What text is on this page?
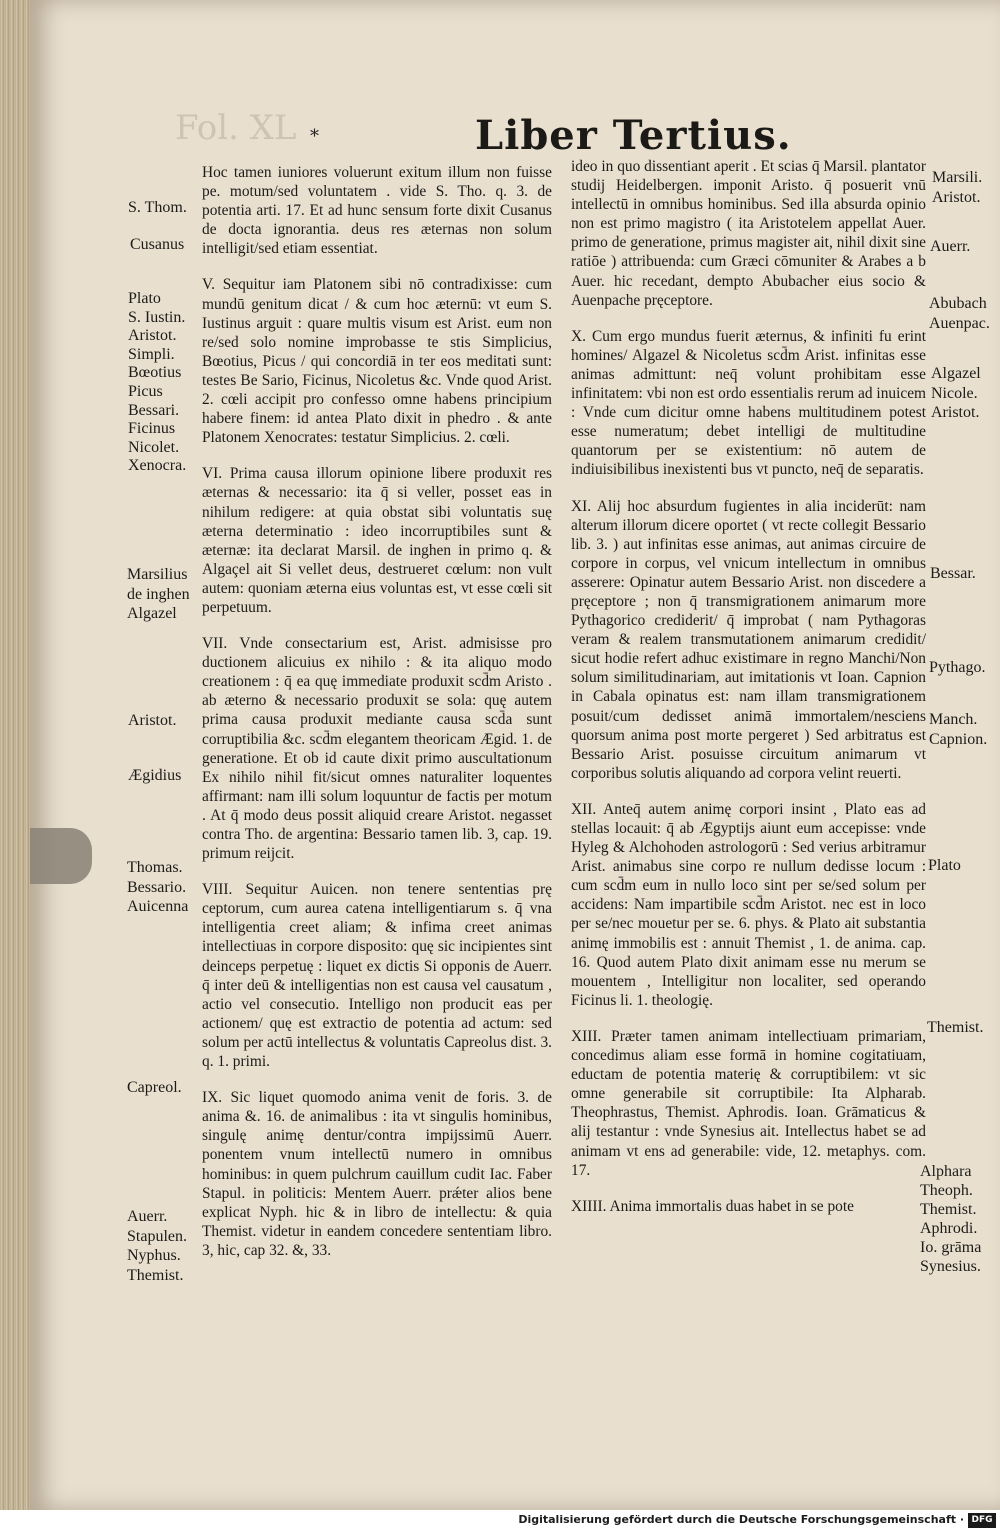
Fol. XL *	Liber Tertius.

Hoc tamen iuniores voluerunt exitum illum non fuisse pe. motum/sed voluntatem . vide S. Tho. q. 3. de potentia arti. 17. Et ad hunc sensum forte dixit Cusanus de docta ignorantia. deus res æternas non solum intelligit/sed etiam essentiat.

V. Sequitur iam Platonem sibi nō contradixisse: cum mundū genitum dicat / & cum hoc æternū: vt eum S. Iustinus arguit : quare multis visum est Arist. eum non re/sed solo nomine improbasse te stis Simplicius, Bœotius, Picus / qui concordiā in ter eos meditati sunt: testes Be Sario, Ficinus, Nicoletus &c. Vnde quod Arist. 2. cœli accipit pro confesso omne habens principium habere finem: id antea Plato dixit in phedro . & ante Platonem Xenocrates: testatur Simplicius. 2. cœli.

VI. Prima causa illorum opinione libere produxit res æternas & necessario: ita q̄ si veller, posset eas in nihilum redigere: at quia obstat sibi voluntatis suę æterna determinatio : ideo incorruptibiles sunt & æternæ: ita declarat Marsil. de inghen in primo q. & Algaçel ait Si vellet deus, destrueret cœlum: non vult autem: quoniam æterna eius voluntas est, vt esse cœli sit perpetuum.

VII. Vnde consectarium est, Arist. admisisse pro ductionem alicuius ex nihilo : & ita aliquo modo creationem : q̄ ea quę immediate produxit scd̄m Aristo . ab æterno & necessario produxit se sola: quę autem prima causa produxit mediante causa scd̄a sunt corruptibilia &c. scd̄m elegantem theoricam Ægid. 1. de generatione. Et ob id caute dixit primo auscultationum Ex nihilo nihil fit/sicut omnes naturaliter loquentes affirmant: nam illi solum loquuntur de factis per motum . At q̄ modo deus possit aliquid creare Aristot. negasset contra Tho. de argentina: Bessario tamen lib. 3, cap. 19. primum reijcit.

VIII. Sequitur Auicen. non tenere sententias prę ceptorum, cum aurea catena intelligentiarum s. q̄ vna intelligentia creet aliam; & infima creet animas intellectiuas in corpore disposito: quę sic incipientes sint deinceps perpetuę : liquet ex dictis Si opponis de Auerr. q̄ inter deū & intelligentias non est causa vel causatum , actio vel consecutio. Intelligo non producit eas per actionem/ quę est extractio de potentia ad actum: sed solum per actū intellectus & voluntatis Capreolus dist. 3. q. 1. primi.

IX. Sic liquet quomodo anima venit de foris. 3. de anima &. 16. de animalibus : ita vt singulis hominibus, singulę animę dentur/contra impijssimū Auerr. ponentem vnum intellectū numero in omnibus hominibus: in quem pulchrum cauillum cudit Iac. Faber Stapul. in politicis: Mentem Auerr. prǽter alios bene explicat Nyph. hic & in libro de intellectu: & quia Themist. videtur in eandem concedere sententiam libro. 3, hic, cap 32. &, 33.

ideo in quo dissentiant aperit . Et scias q̄ Marsil. plantator studij Heidelbergen. imponit Aristo. q̄ posuerit vnū intellectū in omnibus hominibus. Sed illa absurda opinio non est primo magistro ( ita Aristotelem appellat Auer. primo de generatione, primus magister ait, nihil dixit sine ratiōe ) attribuenda: cum Græci cōmuniter & Arabes a b Auer. hic recedant, dempto Abubacher eius socio & Auenpache pręceptore.

X. Cum ergo mundus fuerit æternus, & infiniti fu erint homines/ Algazel & Nicoletus scd̄m Arist. infinitas esse animas admittunt: neq̄ volunt prohibitam esse infinitatem: vbi non est ordo essentialis rerum ad inuicem : Vnde cum dicitur omne habens multitudinem potest esse numeratum; debet intelligi de multitudine quantorum per se existentium: nō autem de indiuisibilibus inexistenti bus vt puncto, neq̄ de separatis.

XI. Alij hoc absurdum fugientes in alia inciderūt: nam alterum illorum dicere oportet ( vt recte collegit Bessario lib. 3. ) aut infinitas esse animas, aut animas circuire de corpore in corpus, vel vnicum intellectum in omnibus asserere: Opinatur autem Bessario Arist. non discedere a pręceptore ; non q̄ transmigrationem animarum more Pythagorico crediderit/ q̄ improbat ( nam Pythagoras veram & realem transmutationem animarum credidit/ sicut hodie refert adhuc existimare in regno Manchi/Non solum similitudinariam, aut imitationis vt Ioan. Capnion in Cabala opinatus est: nam illam transmigrationem posuit/cum dedisset animā immortalem/nesciens quorsum anima post morte pergeret ) Sed arbitratus est Bessario Arist. posuisse circuitum animarum vt corporibus solutis aliquando ad corpora velint reuerti.

XII. Anteq̄ autem animę corpori insint , Plato eas ad stellas locauit: q̄ ab Ægyptijs aiunt eum accepisse: vnde Hyleg & Alchohoden astrologorū : Sed verius arbitramur Arist. animabus sine corpo re nullum dedisse locum : cum scd̄m eum in nullo loco sint per se/sed solum per accidens: Nam impartibile scd̄m Aristot. nec est in loco per se/nec mouetur per se. 6. phys. & Plato ait substantia animę immobilis est : annuit Themist , 1. de anima. cap. 16. Quod autem Plato dixit animam esse nu merum se mouentem , Intelligitur non localiter, sed operando Ficinus li. 1. theologię.

XIII. Præter tamen animam intellectiuam primariam, concedimus aliam esse formā in homine cogitatiuam, eductam de potentia materię & corruptibilem: vt sic omne generabile sit corruptibile: Ita Alpharab. Theophrastus, Themist. Aphrodis. Ioan. Grāmaticus & alij testantur : vnde Synesius ait. Intellectus habet se ad animam vt ens ad generabile: vide, 12. metaphys. com. 17.

XIIII. Anima immortalis duas habet in se pote

S. Thom.
Cusanus
Plato
S. Iustin.
Aristot.
Simpli.
Bœotius
Picus
Bessari.
Ficinus
Nicolet.
Xenocra.
Marsilius
de inghen
Algazel
Aristot.
Ægidius
Thomas.
Bessario.
Auicenna
Capreol.
Auerr.
Stapulen.
Nyphus.
Themist.
Marsili.
Aristot.
Auerr.
Abubach
Auenpac.
Algazel
Nicole.
Aristot.
Bessar.
Pythago.
Manch.
Capnion.
Plato
Themist.
Alphara
Theoph.
Themist.
Aphrodi.
Io. grāma
Synesius.
Digitalisierung gefördert durch die Deutsche Forschungsgemeinschaft · DFG
